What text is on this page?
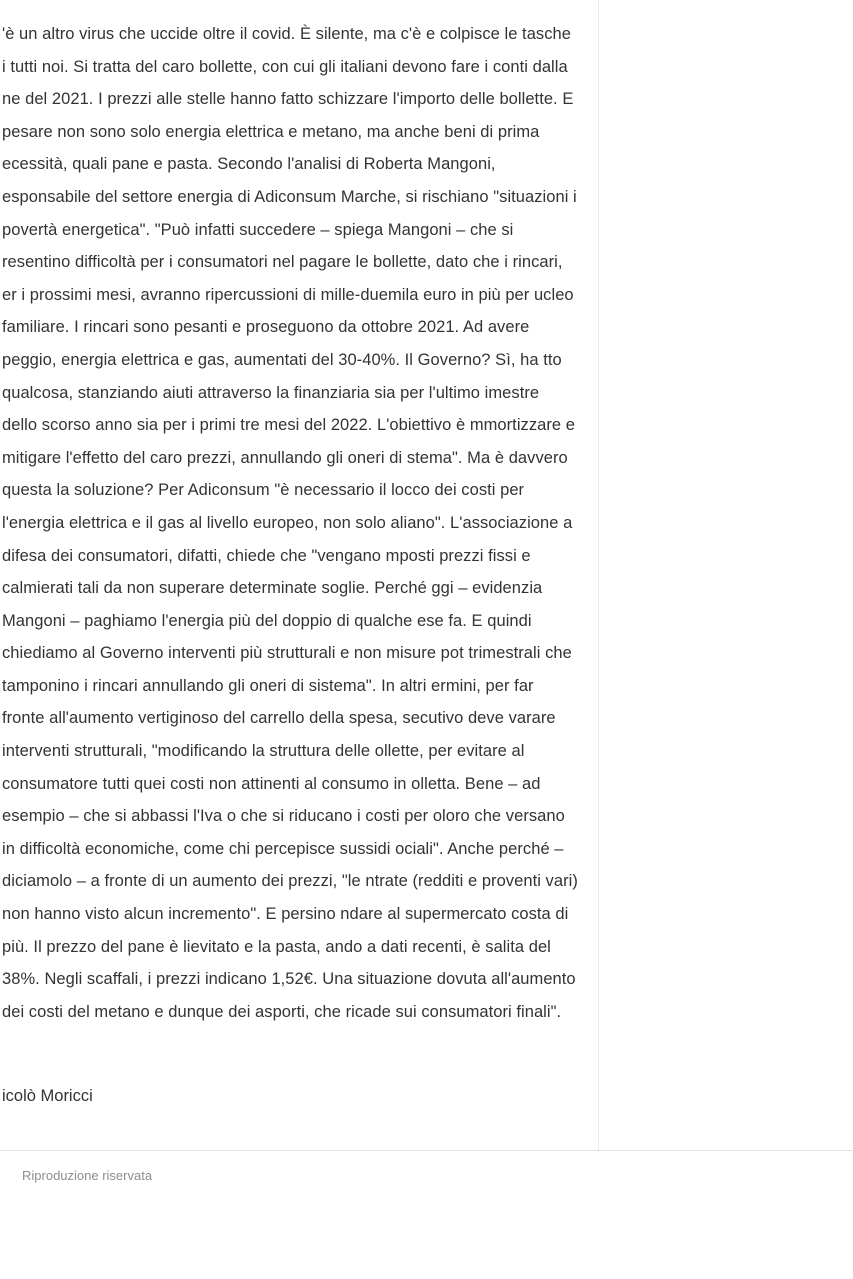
'è un altro virus che uccide oltre il covid. È silente, ma c'è e colpisce le tasche i tutti noi. Si tratta del caro bollette, con cui gli italiani devono fare i conti dalla ne del 2021. I prezzi alle stelle hanno fatto schizzare l'importo delle bollette. E pesare non sono solo energia elettrica e metano, ma anche beni di prima ecessità, quali pane e pasta. Secondo l'analisi di Roberta Mangoni, esponsabile del settore energia di Adiconsum Marche, si rischiano "situazioni i povertà energetica". "Può infatti succedere – spiega Mangoni – che si resentino difficoltà per i consumatori nel pagare le bollette, dato che i rincari, er i prossimi mesi, avranno ripercussioni di mille-duemila euro in più per ucleo familiare. I rincari sono pesanti e proseguono da ottobre 2021. Ad avere peggio, energia elettrica e gas, aumentati del 30-40%. Il Governo? Sì, ha tto qualcosa, stanziando aiuti attraverso la finanziaria sia per l'ultimo imestre dello scorso anno sia per i primi tre mesi del 2022. L'obiettivo è mmortizzare e mitigare l'effetto del caro prezzi, annullando gli oneri di stema". Ma è davvero questa la soluzione? Per Adiconsum "è necessario il locco dei costi per l'energia elettrica e il gas al livello europeo, non solo aliano". L'associazione a difesa dei consumatori, difatti, chiede che "vengano mposti prezzi fissi e calmierati tali da non superare determinate soglie. Perché ggi – evidenzia Mangoni – paghiamo l'energia più del doppio di qualche ese fa. E quindi chiediamo al Governo interventi più strutturali e non misure pot trimestrali che tamponino i rincari annullando gli oneri di sistema". In altri ermini, per far fronte all'aumento vertiginoso del carrello della spesa, secutivo deve varare interventi strutturali, "modificando la struttura delle ollette, per evitare al consumatore tutti quei costi non attinenti al consumo in olletta. Bene – ad esempio – che si abbassi l'Iva o che si riducano i costi per oloro che versano in difficoltà economiche, come chi percepisce sussidi ociali". Anche perché – diciamolo – a fronte di un aumento dei prezzi, "le ntrate (redditi e proventi vari) non hanno visto alcun incremento". E persino ndare al supermercato costa di più. Il prezzo del pane è lievitato e la pasta, ando a dati recenti, è salita del 38%. Negli scaffali, i prezzi indicano 1,52€. Una situazione dovuta all'aumento dei costi del metano e dunque dei asporti, che ricade sui consumatori finali".

icolò Moricci
Riproduzione riservata
